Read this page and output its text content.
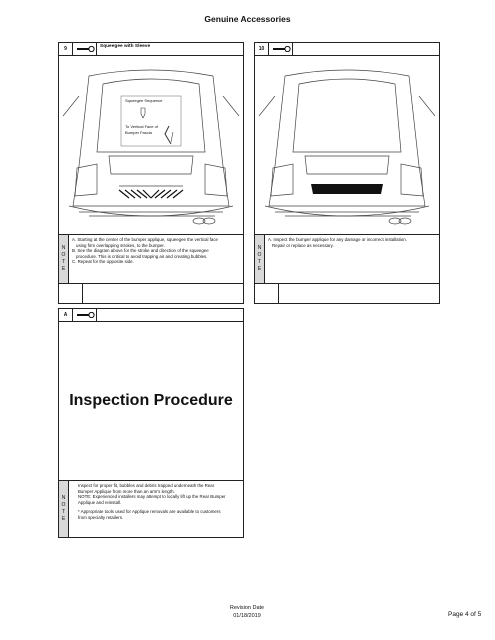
Genuine Accessories
9	Squeegee with Sleeve
Squeegee Sequence
To Vertical Face of
Bumper Fascia
N
O
T
E

A. Starting at the center of the bumper applique, squeegee the vertical face

using firm overlapping strokes, to the bumper.

B. See the diagram above for the stroke and direction of the squeegee

procedure. This is critical to avoid trapping air and creating bubbles.

C. Repeat for the opposite side.

10
N
O
T
E

A. Inspect the bumper applique for any damage or incorrect installation.

Repair or replace as necessary.

A
Inspection Procedure
N
O
T
E

Inspect for proper fit, bubbles and debris trapped underneath the Rear

Bumper Applique from more than an arm's length.

NOTE: Experienced installers may attempt to locally lift up the Rear Bumper

Applique and reinstall.

* Appropriate tools used for Applique removals are available to customers

from specialty retailers.

Revision Date
01/18/2019	Page 4 of 5
